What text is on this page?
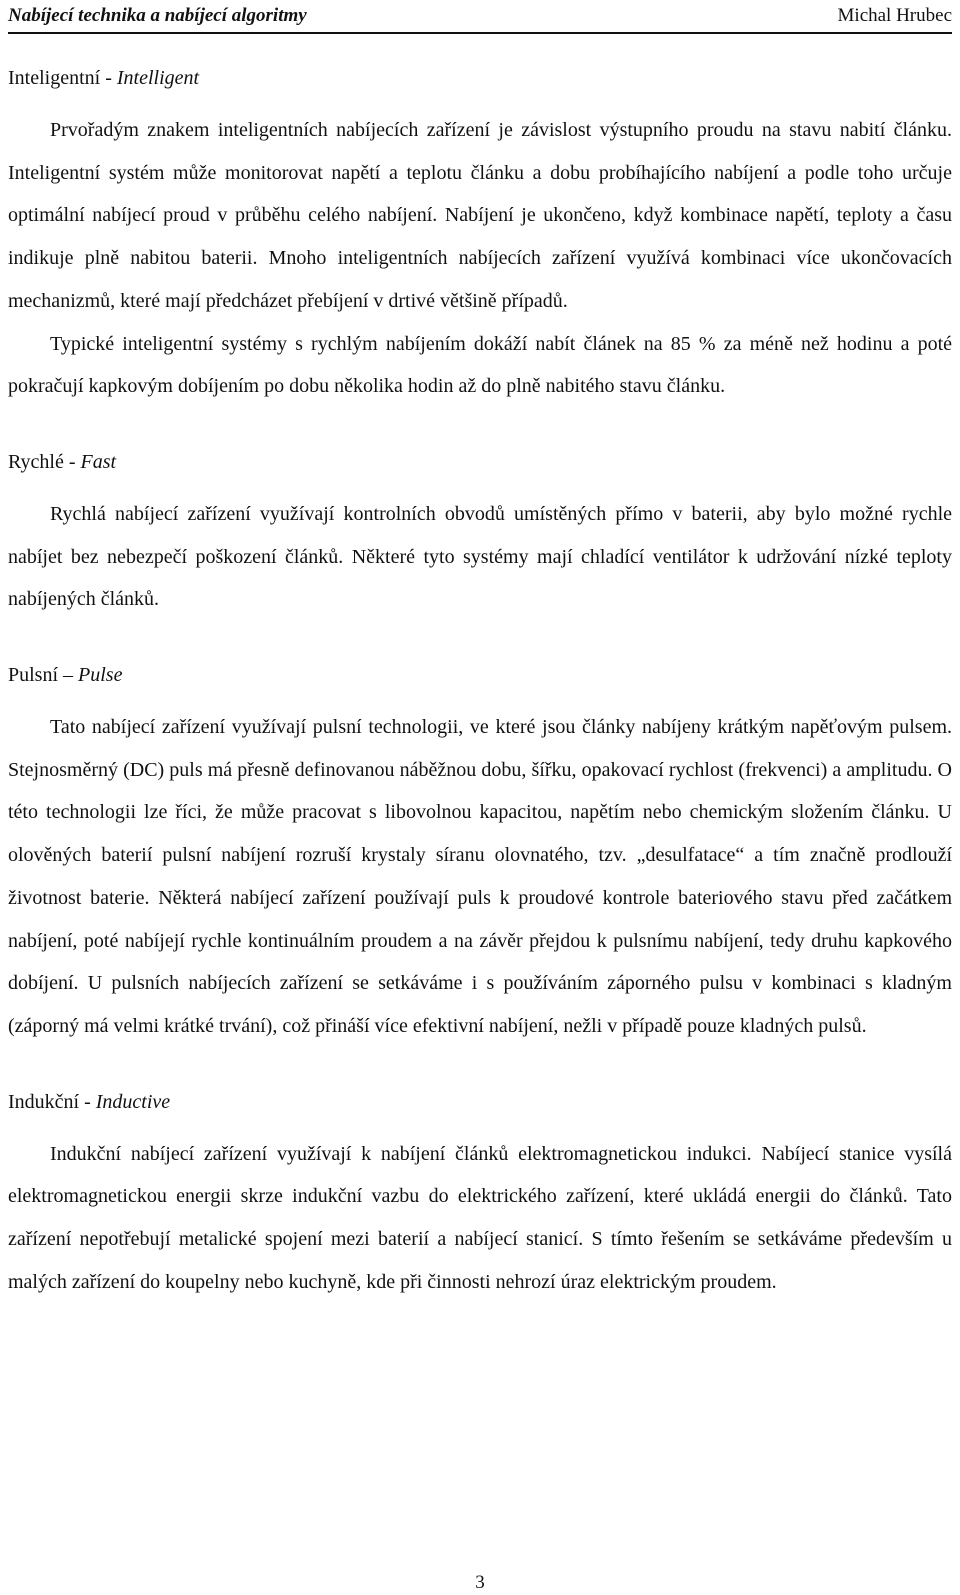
Nabíjecí technika a nabíjecí algoritmy	Michal Hrubec
Inteligentní - Intelligent

Prvořadým znakem inteligentních nabíjecích zařízení je závislost výstupního proudu na stavu nabití článku. Inteligentní systém může monitorovat napětí a teplotu článku a dobu probíhajícího nabíjení a podle toho určuje optimální nabíjecí proud v průběhu celého nabíjení. Nabíjení je ukončeno, když kombinace napětí, teploty a času indikuje plně nabitou baterii. Mnoho inteligentních nabíjecích zařízení využívá kombinaci více ukončovacích mechanizmů, které mají předcházet přebíjení v drtivé většině případů.

Typické inteligentní systémy s rychlým nabíjením dokáží nabít článek na 85 % za méně než hodinu a poté pokračují kapkovým dobíjením po dobu několika hodin až do plně nabitého stavu článku.

Rychlé - Fast

Rychlá nabíjecí zařízení využívají kontrolních obvodů umístěných přímo v baterii, aby bylo možné rychle nabíjet bez nebezpečí poškození článků. Některé tyto systémy mají chladící ventilátor k udržování nízké teploty nabíjených článků.

Pulsní – Pulse

Tato nabíjecí zařízení využívají pulsní technologii, ve které jsou články nabíjeny krátkým napěťovým pulsem. Stejnosměrný (DC) puls má přesně definovanou náběžnou dobu, šířku, opakovací rychlost (frekvenci) a amplitudu. O této technologii lze říci, že může pracovat s libovolnou kapacitou, napětím nebo chemickým složením článku. U olověných baterií pulsní nabíjení rozruší krystaly síranu olovnatého, tzv. „desulfatace“ a tím značně prodlouží životnost baterie. Některá nabíjecí zařízení používají puls k proudové kontrole bateriového stavu před začátkem nabíjení, poté nabíjejí rychle kontinuálním proudem a na závěr přejdou k pulsnímu nabíjení, tedy druhu kapkového dobíjení. U pulsních nabíjecích zařízení se setkáváme i s používáním záporného pulsu v kombinaci s kladným (záporný má velmi krátké trvání), což přináší více efektivní nabíjení, nežli v případě pouze kladných pulsů.

Indukční - Inductive

Indukční nabíjecí zařízení využívají k nabíjení článků elektromagnetickou indukci. Nabíjecí stanice vysílá elektromagnetickou energii skrze indukční vazbu do elektrického zařízení, které ukládá energii do článků. Tato zařízení nepotřebují metalické spojení mezi baterií a nabíjecí stanicí. S tímto řešením se setkáváme především u malých zařízení do koupelny nebo kuchyně, kde při činnosti nehrozí úraz elektrickým proudem.

3
